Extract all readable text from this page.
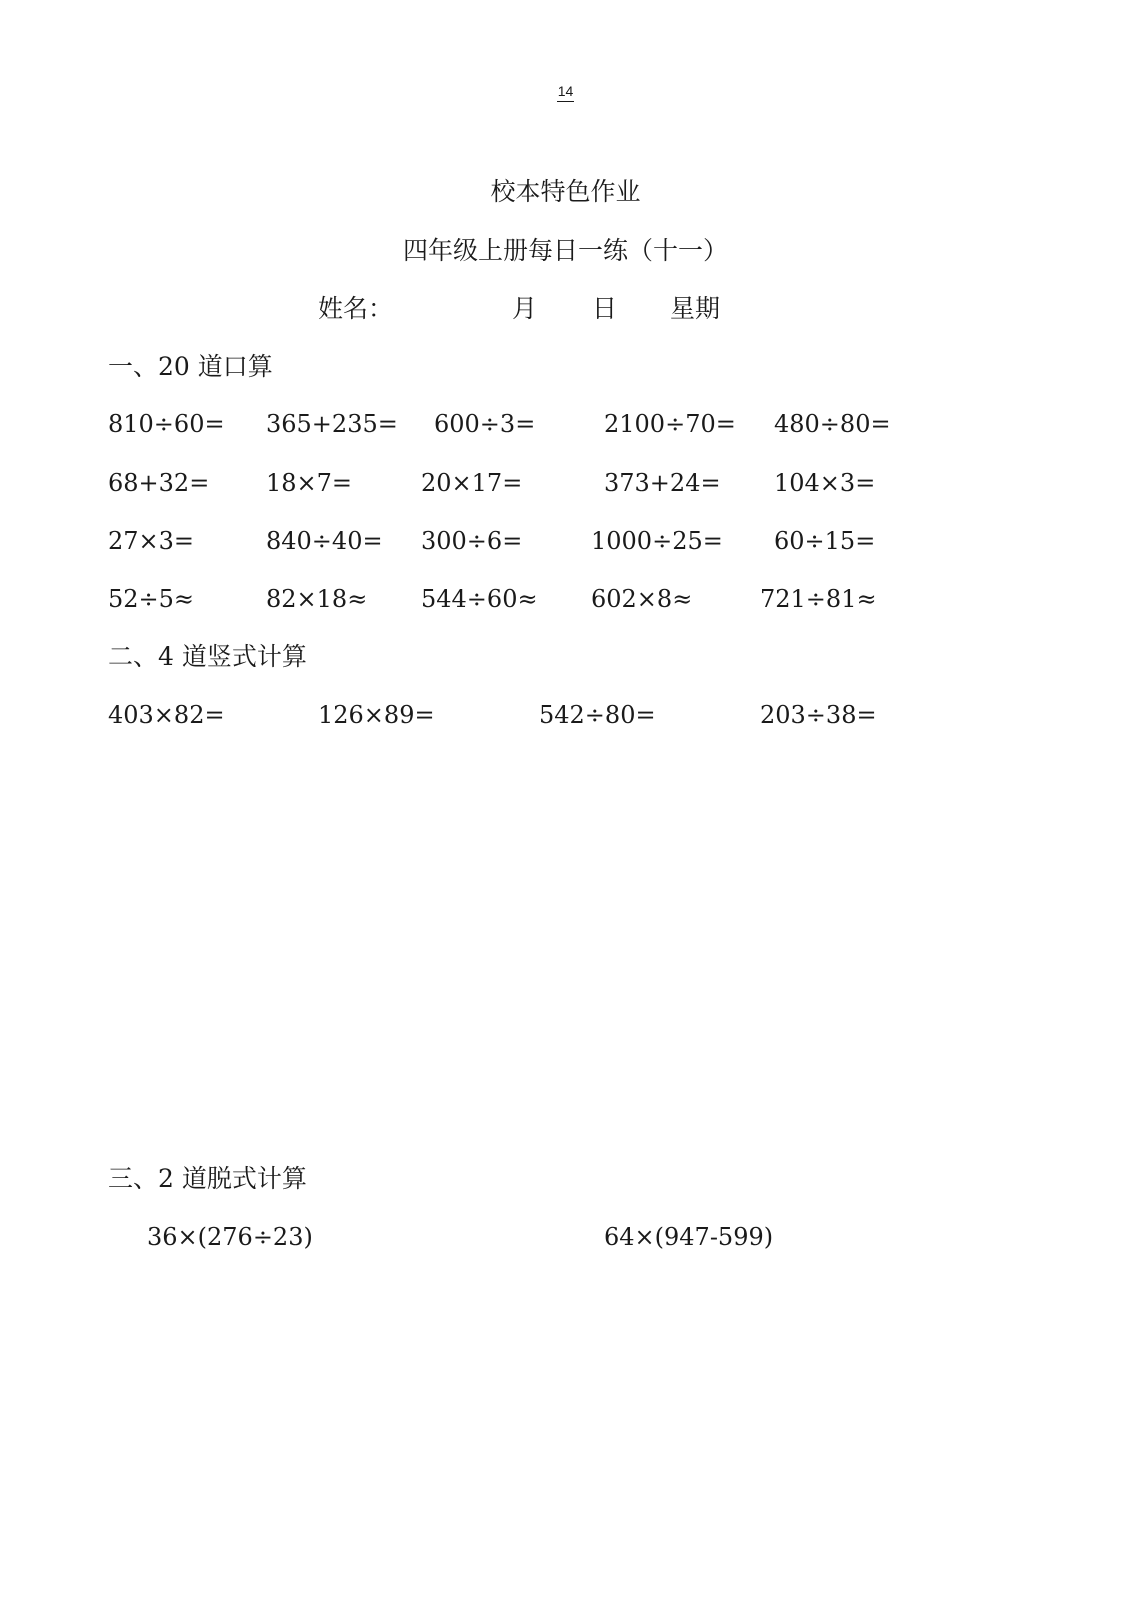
14
校本特色作业
四年级上册每日一练（十一）
姓名：	月 日 星期
一、20 道口算
810÷60= 365+235= 600÷3=	2100÷70= 480÷80=
68+32= 18×7=	20×17=	373+24= 104×3=
27×3=	840÷40= 300÷6=	1000÷25= 60÷15=
52÷5≈	82×18≈ 544÷60≈ 602×8≈	721÷81≈
二、4 道竖式计算
403×82=	126×89=	542÷80=	203÷38=
三、2 道脱式计算
36×(276÷23)	64×(947-599)
